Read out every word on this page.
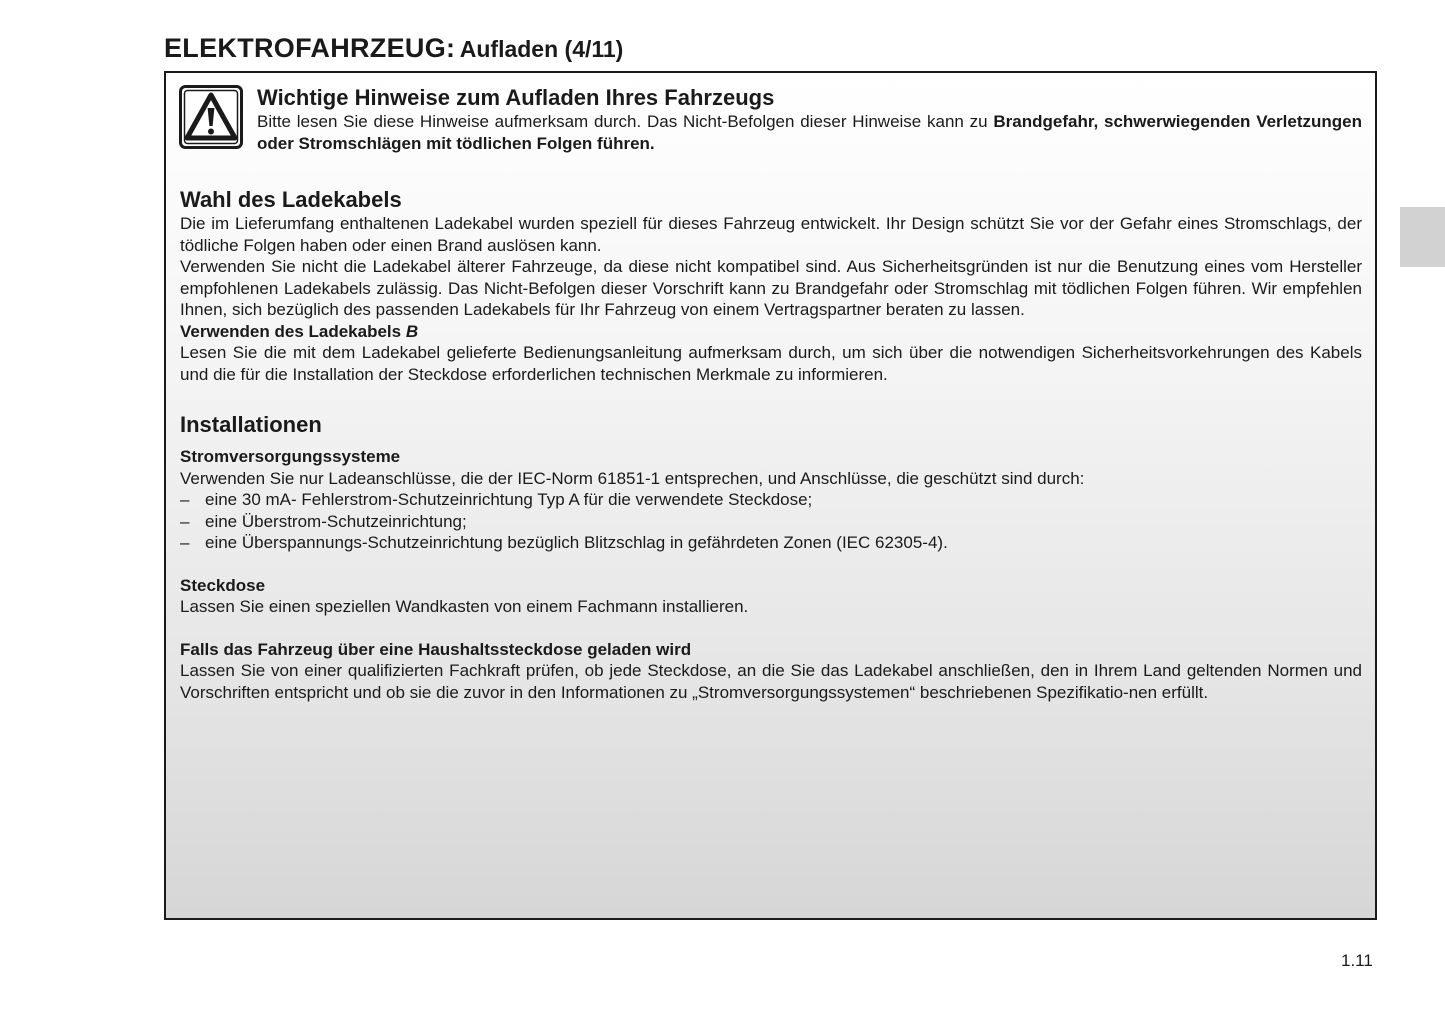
ELEKTROFAHRZEUG: Aufladen (4/11)
Wichtige Hinweise zum Aufladen Ihres Fahrzeugs
Bitte lesen Sie diese Hinweise aufmerksam durch. Das Nicht-Befolgen dieser Hinweise kann zu Brandgefahr, schwerwiegenden Verletzungen oder Stromschlägen mit tödlichen Folgen führen.
Wahl des Ladekabels

Die im Lieferumfang enthaltenen Ladekabel wurden speziell für dieses Fahrzeug entwickelt. Ihr Design schützt Sie vor der Gefahr eines Stromschlags, der tödliche Folgen haben oder einen Brand auslösen kann.

Verwenden Sie nicht die Ladekabel älterer Fahrzeuge, da diese nicht kompatibel sind. Aus Sicherheitsgründen ist nur die Benutzung eines vom Hersteller empfohlenen Ladekabels zulässig. Das Nicht-Befolgen dieser Vorschrift kann zu Brandgefahr oder Stromschlag mit tödlichen Folgen führen. Wir empfehlen Ihnen, sich bezüglich des passenden Ladekabels für Ihr Fahrzeug von einem Vertragspartner beraten zu lassen.

Verwenden des Ladekabels B

Lesen Sie die mit dem Ladekabel gelieferte Bedienungsanleitung aufmerksam durch, um sich über die notwendigen Sicherheitsvorkehrungen des Kabels und die für die Installation der Steckdose erforderlichen technischen Merkmale zu informieren.

Installationen
Stromversorgungssysteme

Verwenden Sie nur Ladeanschlüsse, die der IEC-Norm 61851-1 entsprechen, und Anschlüsse, die geschützt sind durch:

– eine 30 mA- Fehlerstrom-Schutzeinrichtung Typ A für die verwendete Steckdose;
– eine Überstrom-Schutzeinrichtung;
– eine Überspannungs-Schutzeinrichtung bezüglich Blitzschlag in gefährdeten Zonen (IEC 62305-4).
Steckdose

Lassen Sie einen speziellen Wandkasten von einem Fachmann installieren.

Falls das Fahrzeug über eine Haushaltssteckdose geladen wird

Lassen Sie von einer qualifizierten Fachkraft prüfen, ob jede Steckdose, an die Sie das Ladekabel anschließen, den in Ihrem Land geltenden Normen und Vorschriften entspricht und ob sie die zuvor in den Informationen zu „Stromversorgungssystemen“ beschriebenen Spezifikatio-nen erfüllt.

1.11
